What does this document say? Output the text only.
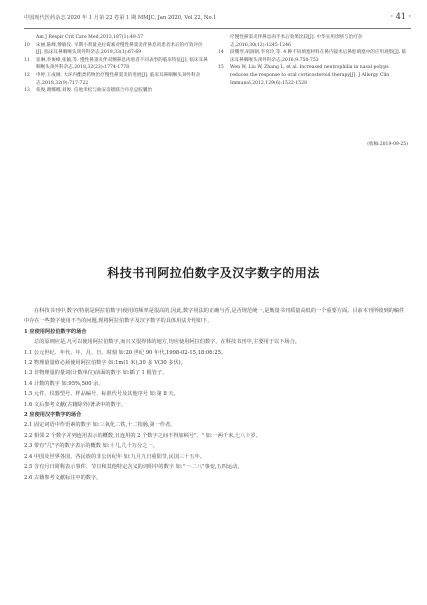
中国现代医药杂志 2020 年 1 月第 22 卷第 1 期 MMJC, Jan 2020, Vol 22, No.1	· 41 ·
Am J Respir Crit Care Med,2013,187(1):49-57
10	宋丽,陈峰,傅敏仪. 早期小剂量克拉霉素对慢性鼻窦炎伴鼻息肉患者术后的疗效评价[J]. 临床耳鼻咽喉头颈外科杂志,2019,33(1):67-69
11	崔琳,李俊峰,张颖,等. 慢性鼻窦炎伴双侧鼻息肉患者不同表型的临床特征[J]. 临床耳鼻咽喉头颈外科杂志,2018,32(23):1774-1778
12	申婷,王成刚. 大环内酯类药物治疗慢性鼻窦炎的进展[J]. 临床耳鼻咽喉头颈外科杂志,2018,32(9):717-722
13	张俊,谢娜娜,刘俊. 信他米松与曲安奈德联合丹皂总胶囊治
疗慢性鼻窦炎伴鼻息肉手术后效果比较[J]. 中华实用诊断与治疗杂志,2016,30(12):1245-1246
14	段慨琴,胡润朝,李育玲,等. 4 种不同填塞材料在鼻内镜术后鼻腔填塞中的应用观察[J]. 临床耳鼻咽喉头颈外科杂志,2016,9:750-753
15	Wen W, Liu W, Zhang L, et al. Increased neutrophilia in nasal polyps reduces the response to oral corticosteroid therapy[J]. J Allergy Clin Immunol,2012,129(6):1522-1528
(收稿:2019-09-25)
科技书刊阿拉伯数字及汉字数字的用法

在科技书刊中,数字(特别是阿拉伯数字)使用的频率是很高的,因此,数字用法的正确与否,是否规范统一,是衡量书刊质量高低的一个重要方面。目前本刊所收到的稿件中存在一些数字使用不当的问题,现将阿拉伯数字及汉字数字的具体用法介绍如下。

1 应使用阿拉伯数字的场合

总的原则应是,凡可以使用阿拉伯数字,而且又很得体的地方,均应使用阿拉伯数字。在科技书刊中,主要用于以下场合。

1.1 公元世纪、年代、年、月、日、时刻 如:20 世纪 90 年代,1998-02-15,18:06:25。

1.2 物理量量值必须使用阿拉伯数字 如:1m(1 米),30 多 V(30 多伏)。

1.3 非物理量的量词(计数单位)前面的数字 如:插了 1 根管子。

1.4 计数的数字 如:95%,500 余。

1.5 元件、仪器型号、样品编号、标准代号及其他序号 如:第 8 天。

1.6 文后参考文献(古籍除外)著录中的数字。

2 应使用汉字数字的场合

2.1 固定词语中作语素的数字 如:三氧化二铁,十二指肠,第一作者。

2.2 相邻 2 个数字并列连用表示的概数,且连用的 2 个数字之间不得加顿号"、" 如:一两千米,七八十岁。

2.3 带有"几"字的数字表示的概数 如:十几,几十万分之一。

2.4 中国及世界各国、各民族的非公历纪年 如:九月九日重阳节,民国三十五年。

2.5 含有月日简称表示事件、节日和其他特定含义的词组中的数字 如:"一·二八"事变,五四运动。

2.6 古籍参考文献标注中的数字。
